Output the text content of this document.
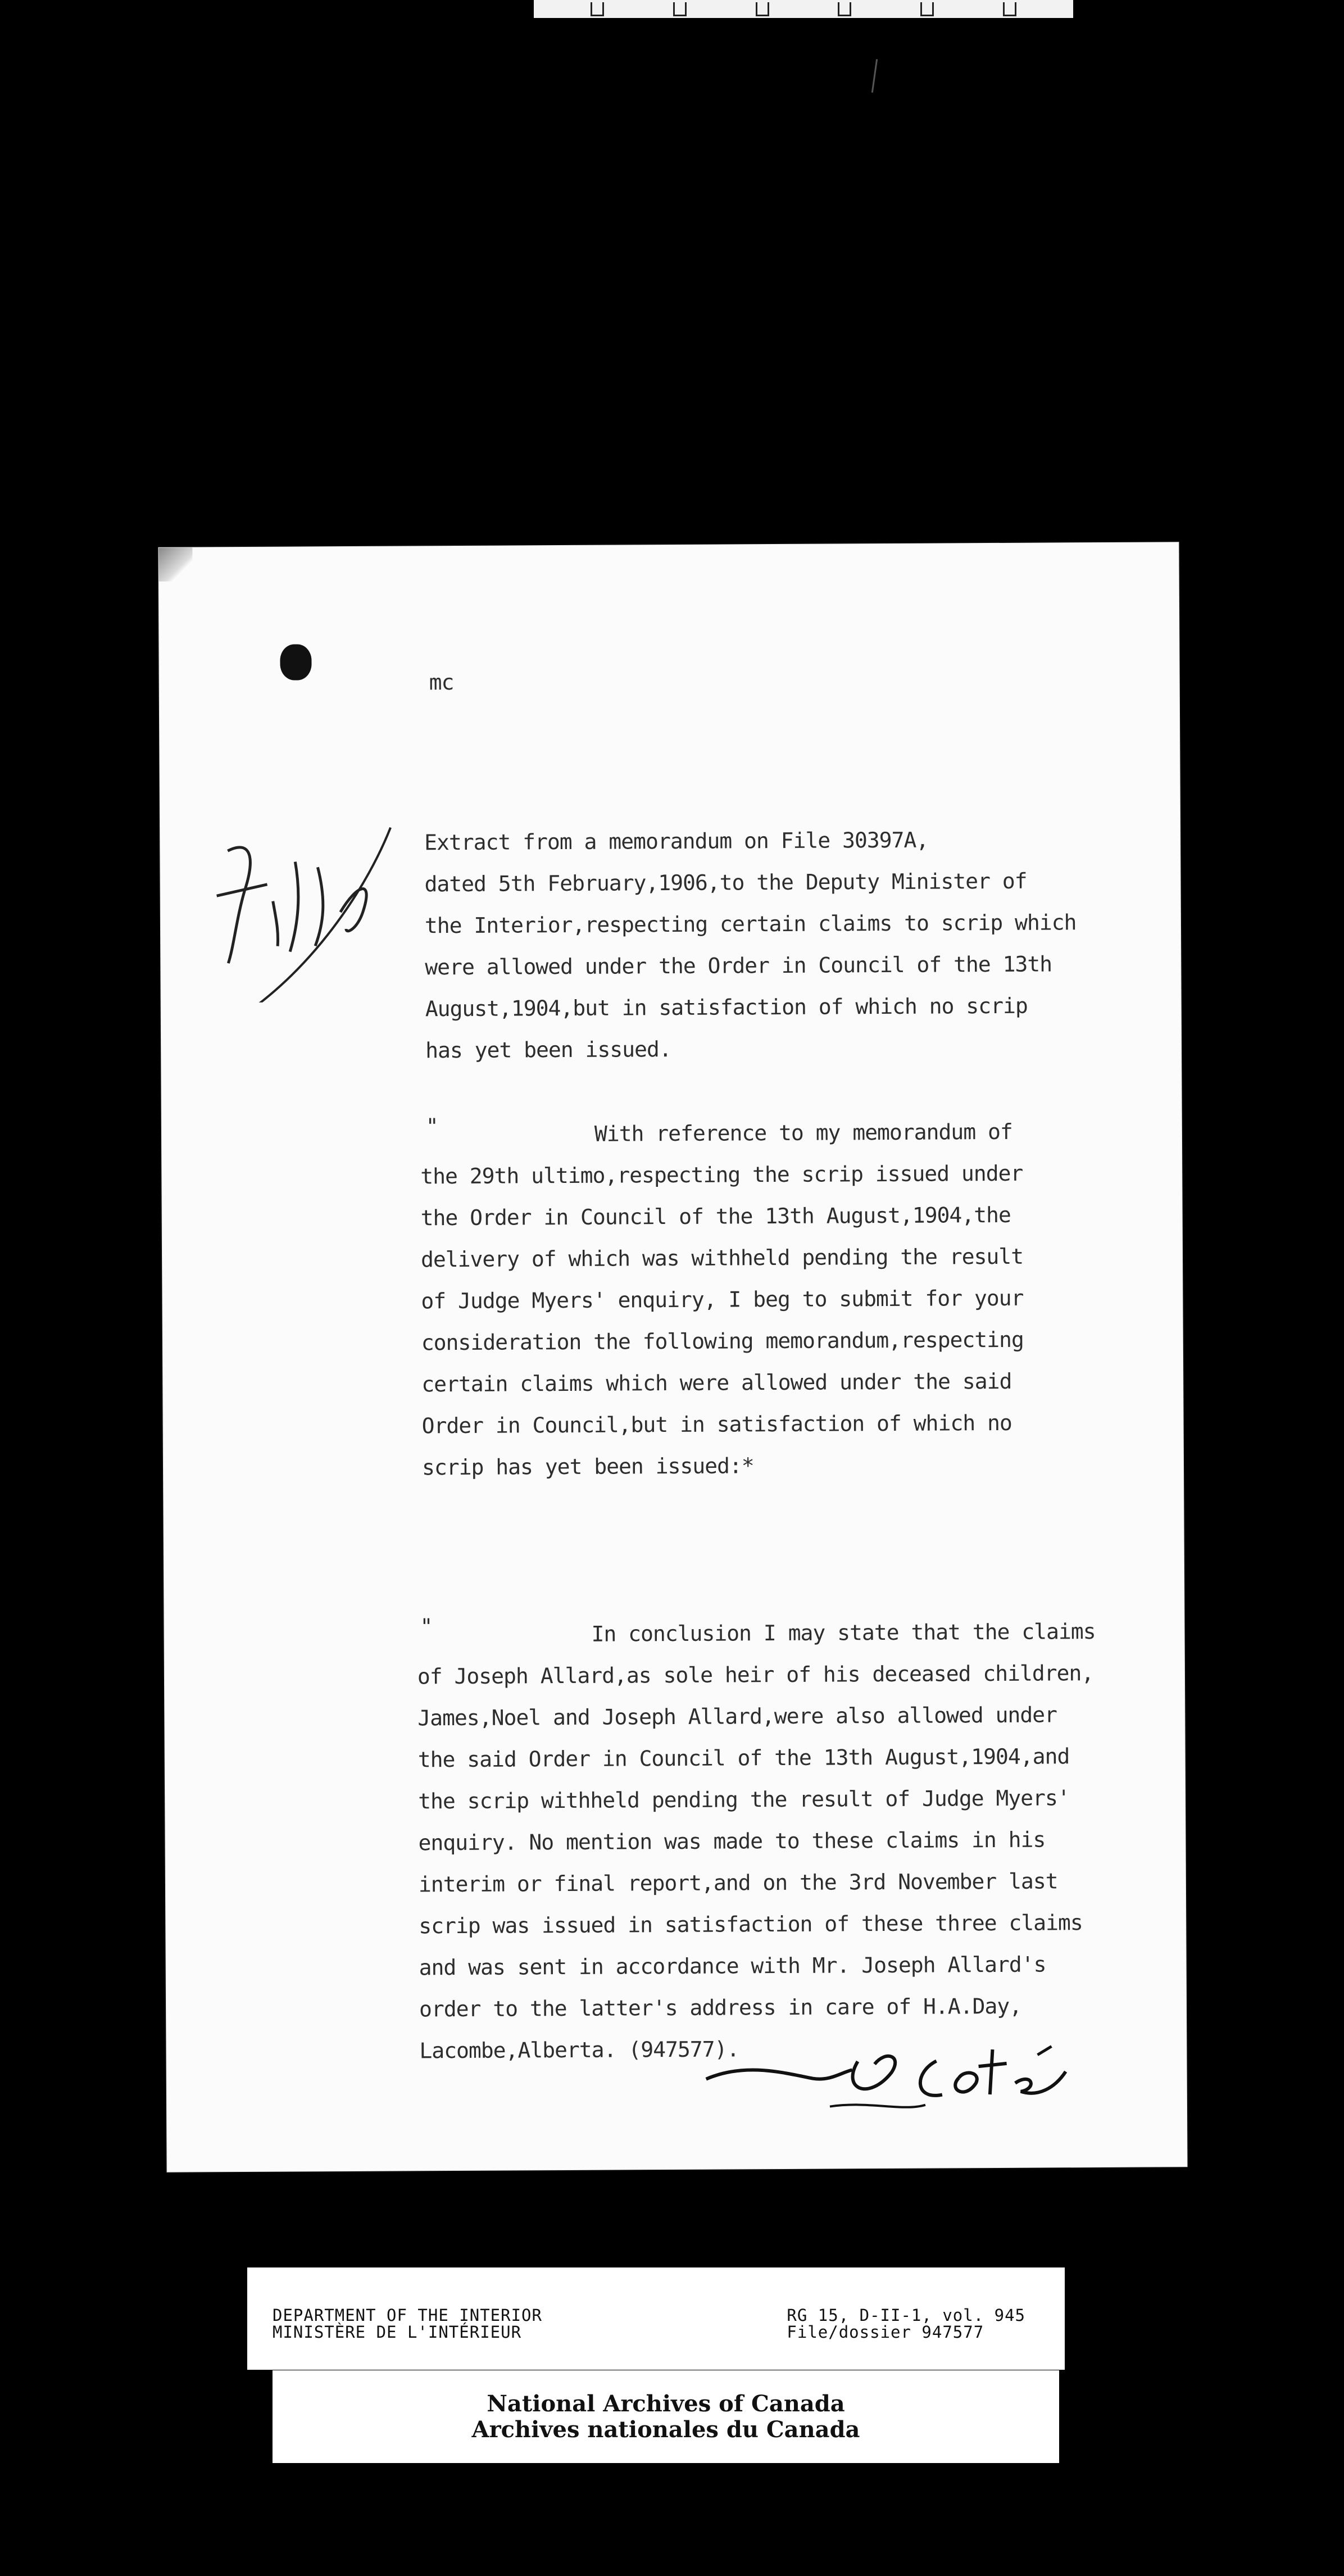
mc

Extract from a memorandum on File 30397A,
dated 5th February,1906,to the Deputy Minister of
the Interior,respecting certain claims to scrip which
were allowed under the Order in Council of the 13th
August,1904,but in satisfaction of which no scrip
has yet been issued.

"	With reference to my memorandum of
the 29th ultimo,respecting the scrip issued under
the Order in Council of the 13th August,1904,the
delivery of which was withheld pending the result
of Judge Myers' enquiry, I beg to submit for your
consideration the following memorandum,respecting
certain claims which were allowed under the said
Order in Council,but in satisfaction of which no
scrip has yet been issued:*

"	In conclusion I may state that the claims
of Joseph Allard,as sole heir of his deceased children,
James,Noel and Joseph Allard,were also allowed under
the said Order in Council of the 13th August,1904,and
the scrip withheld pending the result of Judge Myers'
enquiry. No mention was made to these claims in his
interim or final report,and on the 3rd November last
scrip was issued in satisfaction of these three claims
and was sent in accordance with Mr. Joseph Allard's
order to the latter's address in care of H.A.Day,
Lacombe,Alberta. (947577).

DEPARTMENT OF THE INTERIOR
MINISTÈRE DE L'INTÉRIEUR
RG 15, D-II-1, vol. 945
File/dossier 947577
National Archives of Canada
Archives nationales du Canada
